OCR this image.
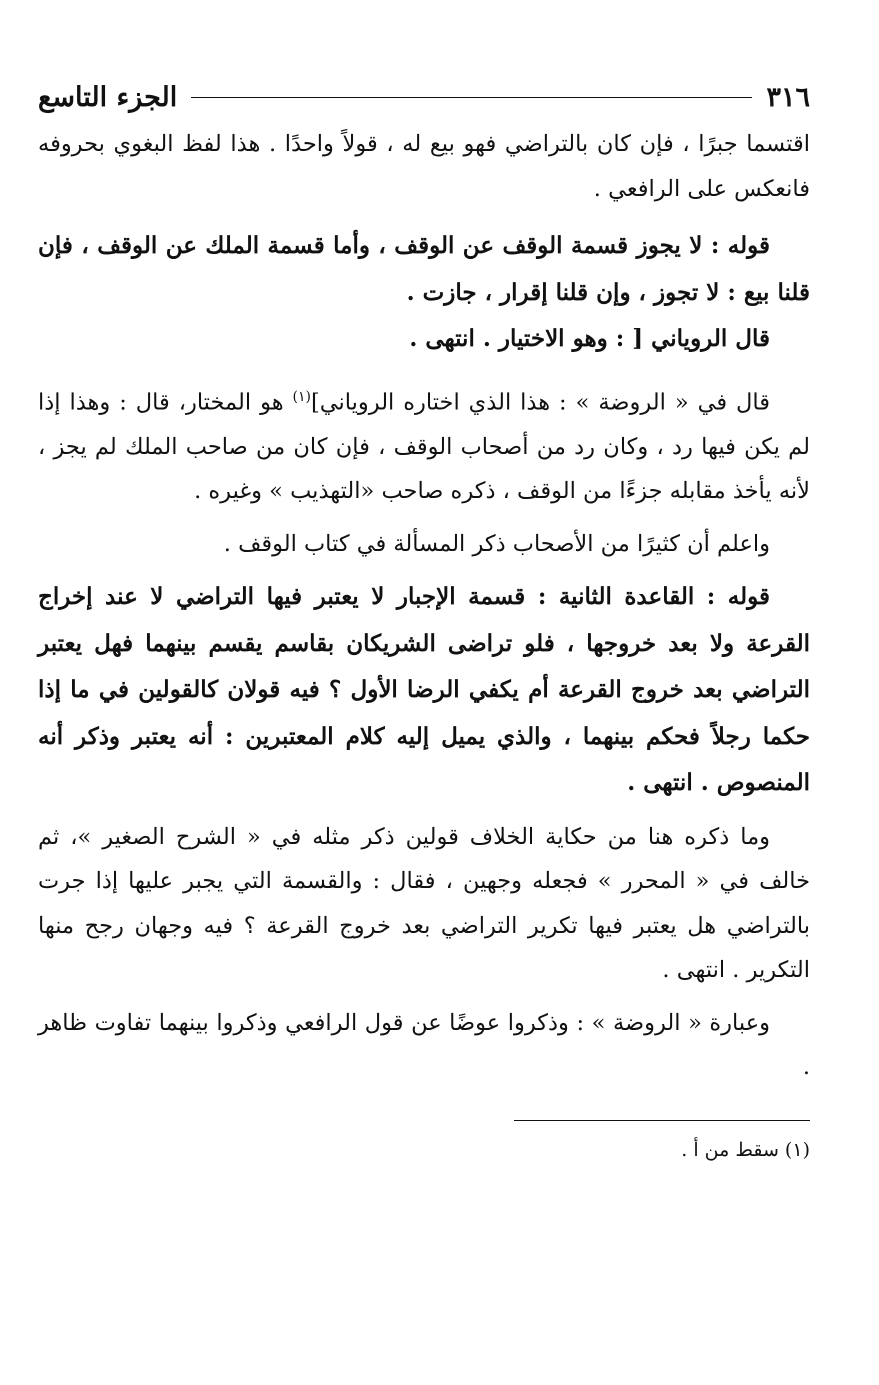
٣١٦
الجزء التاسع

اقتسما جبرًا ، فإن كان بالتراضي فهو بيع له ، قولاً واحدًا . هذا لفظ البغوي بحروفه فانعكس على الرافعي .

قوله : لا يجوز قسمة الوقف عن الوقف ، وأما قسمة الملك عن الوقف ، فإن قلنا بيع : لا تجوز ، وإن قلنا إقرار ، جازت .

قال الروياني [ : وهو الاختيار . انتهى .

قال في « الروضة » : هذا الذي اختاره الروياني]$^{(١)}$ هو المختار، قال : وهذا إذا لم يكن فيها رد ، وكان رد من أصحاب الوقف ، فإن كان من صاحب الملك لم يجز ، لأنه يأخذ مقابله جزءًا من الوقف ، ذكره صاحب «التهذيب » وغيره .

واعلم أن كثيرًا من الأصحاب ذكر المسألة في كتاب الوقف .

قوله : القاعدة الثانية : قسمة الإجبار لا يعتبر فيها التراضي لا عند إخراج القرعة ولا بعد خروجها ، فلو تراضى الشريكان بقاسم يقسم بينهما فهل يعتبر التراضي بعد خروج القرعة أم يكفي الرضا الأول ؟ فيه قولان كالقولين في ما إذا حكما رجلاً فحكم بينهما ، والذي يميل إليه كلام المعتبرين : أنه يعتبر وذكر أنه المنصوص . انتهى .

وما ذكره هنا من حكاية الخلاف قولين ذكر مثله في « الشرح الصغير »، ثم خالف في « المحرر » فجعله وجهين ، فقال : والقسمة التي يجبر عليها إذا جرت بالتراضي هل يعتبر فيها تكرير التراضي بعد خروج القرعة ؟ فيه وجهان رجح منها التكرير . انتهى .

وعبارة « الروضة » : وذكروا عوضًا عن قول الرافعي وذكروا بينهما تفاوت ظاهر .

(١) سقط من أ .
